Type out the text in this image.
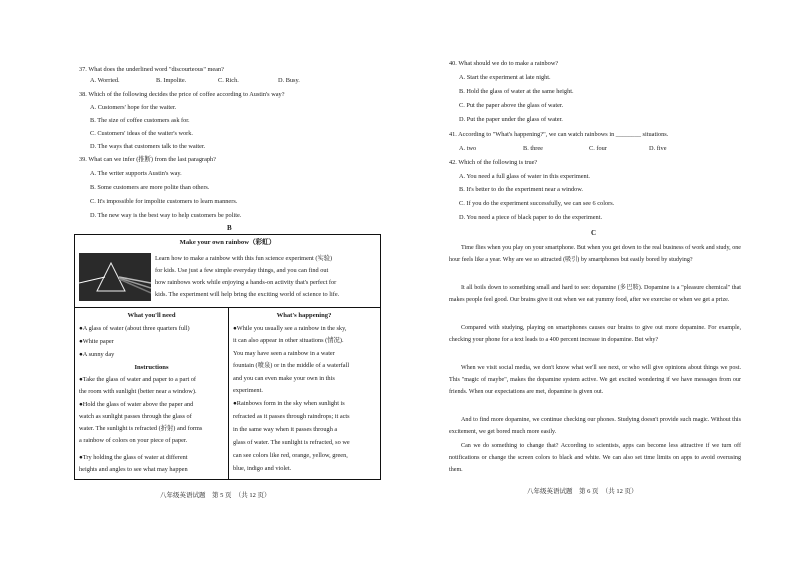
37. What does the underlined word "discourteous" mean?
A. Worried.	B. Impolite.	C. Rich.	D. Busy.
38. Which of the following decides the price of coffee according to Austin's way?
A. Customers' hope for the waiter.
B. The size of coffee customers ask for.
C. Customers' ideas of the waiter's work.
D. The ways that customers talk to the waiter.
39. What can we infer (推断) from the last paragraph?
A. The writer supports Austin's way.
B. Some customers are more polite than others.
C. It's impossible for impolite customers to learn manners.
D. The new way is the best way to help customers be polite.
B
Make your own rainbow（彩虹）
Learn how to make a rainbow with this fun science experiment (实验)
for kids. Use just a few simple everyday things, and you can find out
how rainbows work while enjoying a hands-on activity that's perfect for
kids. The experiment will help bring the exciting world of science to life.
What you'll need
●A glass of water (about three quarters full)
●White paper
●A sunny day
Instructions
●Take the glass of water and paper to a part of
the room with sunlight (better near a window).
●Hold the glass of water above the paper and
watch as sunlight passes through the glass of
water. The sunlight is refracted (折射) and forms
a rainbow of colors on your piece of paper.
●Try holding the glass of water at different
heights and angles to see what may happen
What's happening?
●While you usually see a rainbow in the sky,
it can also appear in other situations (情况).
You may have seen a rainbow in a water
fountain (喷泉) or in the middle of a waterfall
and you can even make your own in this
experiment.
●Rainbows form in the sky when sunlight is
refracted as it passes through raindrops; it acts
in the same way when it passes through a
glass of water. The sunlight is refracted, so we
can see colors like red, orange, yellow, green,
blue, indigo and violet.
八年级英语试题　第 5 页　（共 12 页）
40. What should we do to make a rainbow?
A. Start the experiment at late night.
B. Hold the glass of water at the same height.
C. Put the paper above the glass of water.
D. Put the paper under the glass of water.
41. According to "What's happening?", we can watch rainbows in ________ situations.
A. two	B. three	C. four	D. five
42. Which of the following is true?
A. You need a full glass of water in this experiment.
B. It's better to do the experiment near a window.
C. If you do the experiment successfully, we can see 6 colors.
D. You need a piece of black paper to do the experiment.
C
Time flies when you play on your smartphone. But when you get down to the real business of work and study, one hour feels like a year. Why are we so attracted (吸引) by smartphones but easily bored by studying?
It all boils down to something small and hard to see: dopamine (多巴胺). Dopamine is a "pleasure chemical" that makes people feel good. Our brains give it out when we eat yummy food, after we exercise or when we get a prize.
Compared with studying, playing on smartphones causes our brains to give out more dopamine. For example, checking your phone for a text leads to a 400 percent increase in dopamine. But why?
When we visit social media, we don't know what we'll see next, or who will give opinions about things we post. This "magic of maybe", makes the dopamine system active. We get excited wondering if we have messages from our friends. When our expectations are met, dopamine is given out.
And to find more dopamine, we continue checking our phones. Studying doesn't provide such magic. Without this excitement, we get bored much more easily.
Can we do something to change that? According to scientists, apps can become less attractive if we turn off notifications or change the screen colors to black and white. We can also set time limits on apps to avoid overusing them.
八年级英语试题　第 6 页　（共 12 页）
